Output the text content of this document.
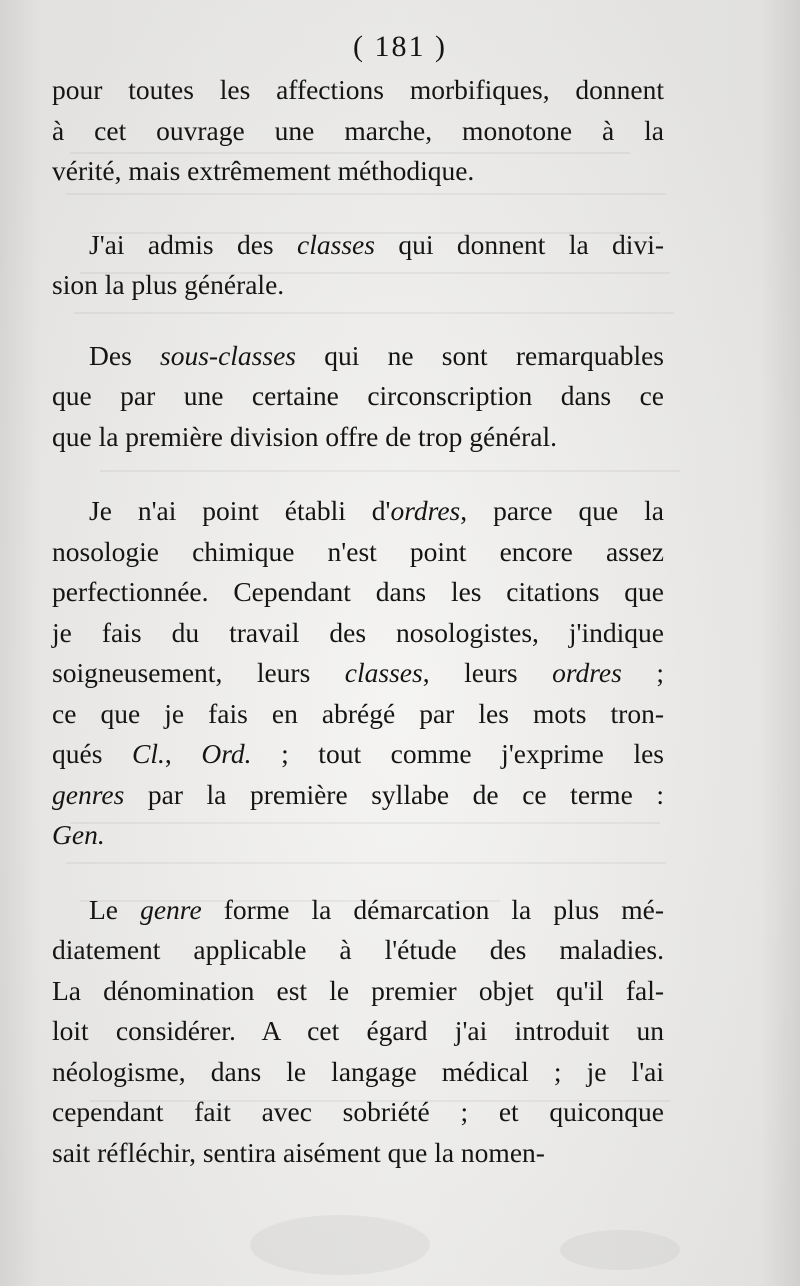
( 181 )
pour toutes les affections morbifiques, donnent
à cet ouvrage une marche, monotone à la
vérité, mais extrêmement méthodique.
J'ai admis des classes qui donnent la divi-
sion la plus générale.
Des sous-classes qui ne sont remarquables
que par une certaine circonscription dans ce
que la première division offre de trop général.
Je n'ai point établi d'ordres, parce que la
nosologie chimique n'est point encore assez
perfectionnée. Cependant dans les citations que
je fais du travail des nosologistes, j'indique
soigneusement, leurs classes, leurs ordres ;
ce que je fais en abrégé par les mots tron-
qués Cl., Ord. ; tout comme j'exprime les
genres par la première syllabe de ce terme :
Gen.
Le genre forme la démarcation la plus mé-
diatement applicable à l'étude des maladies.
La dénomination est le premier objet qu'il fal-
loit considérer. A cet égard j'ai introduit un
néologisme, dans le langage médical ; je l'ai
cependant fait avec sobriété ; et quiconque
sait réfléchir, sentira aisément que la nomen-
